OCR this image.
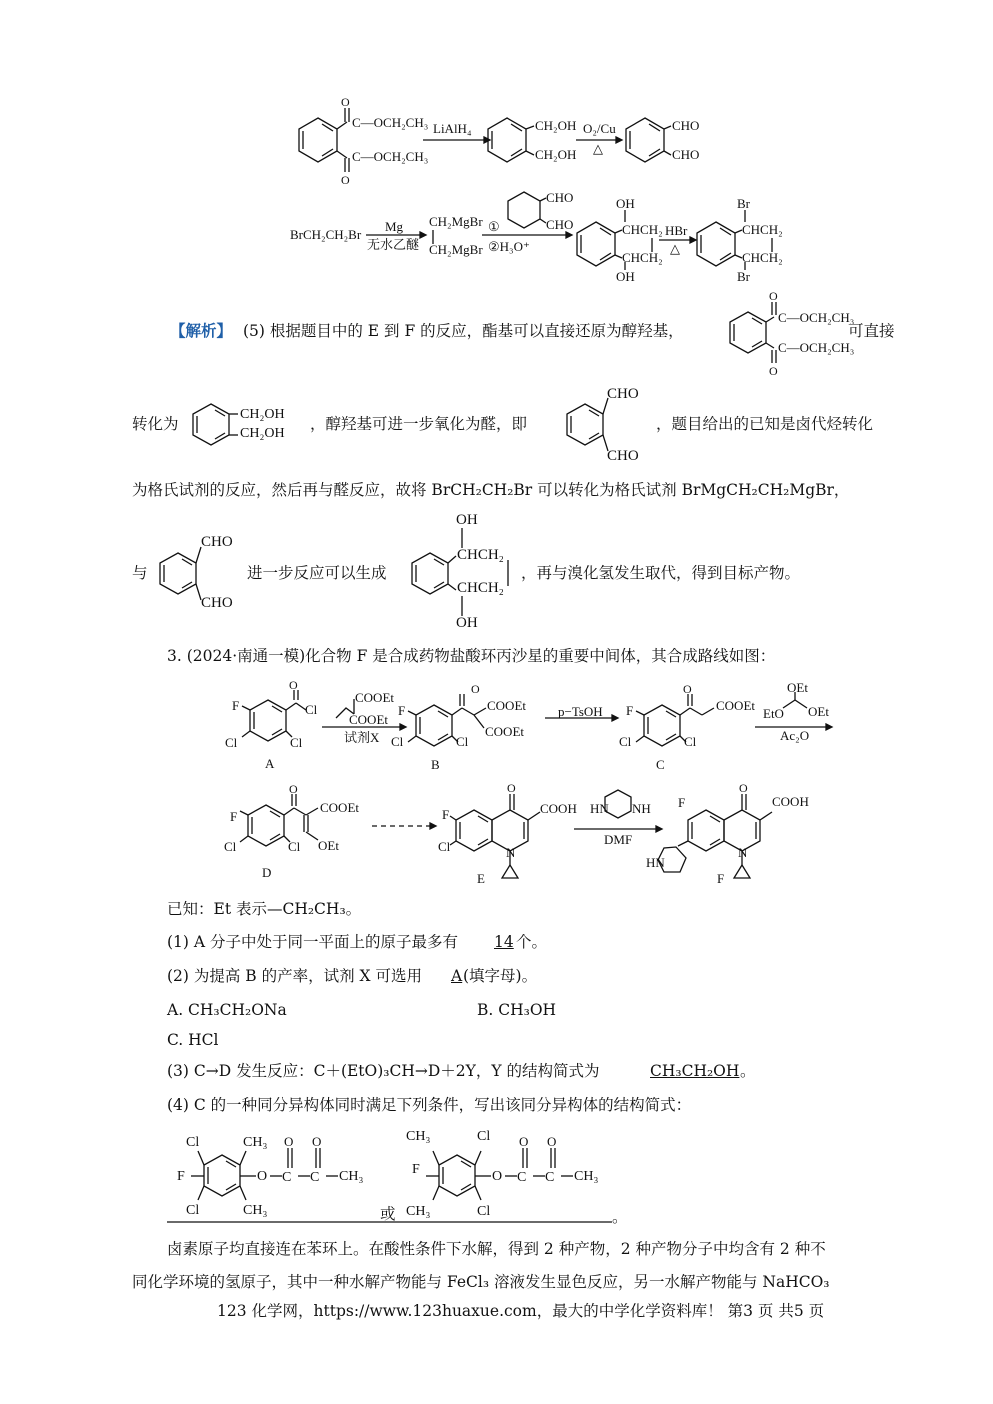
O
O
C—OCH₂CH₃
C—OCH₂CH₃
LiAlH₄	CH₂OH
CH₂OH
O₂/Cu
△
CHO
CHO
BrCH₂CH₂Br
Mg
无水乙醚
CH₂MgBr
CH₂MgBr
①
②H₃O⁺
CHO
CHO
OH
CHCH₂
CHCH₂
OH
HBr
△
Br
CHCH₂
CHCH₂
Br
【解析】 (5) 根据题目中的 E 到 F 的反应，酯基可以直接还原为醇羟基，
O
O
C—OCH₂CH₃
C—OCH₂CH₃
可直接
转化为
CH₂OH
CH₂OH
，醇羟基可进一步氧化为醛，即
CHO
CHO
，题目给出的已知是卤代烃转化
为格氏试剂的反应，然后再与醛反应，故将 BrCH₂CH₂Br 可以转化为格氏试剂 BrMgCH₂CH₂MgBr，
与
CHO
CHO
进一步反应可以生成
OH
CHCH₂
CHCH₂
OH
，再与溴化氢发生取代，得到目标产物。
3. (2024·南通一模)化合物 F 是合成药物盐酸环丙沙星的重要中间体，其合成路线如图：
O	O	O
F	Cl
Cl	Cl
A
COOEt
COOEt
试剂X
F	COOEt
COOEt
Cl	Cl
B
p−TsOH F	COOEt
Cl	Cl
C
OEt
EtO OEt
Ac₂O
O	O	O
F
COOEt
OEt
Cl	Cl
D
F	COOH
Cl	N
E
HN NH
DMF
F	COOH
N
HN
F
已知：Et 表示—CH₂CH₃。
(1) A 分子中处于同一平面上的原子最多有 14 个。
(2) 为提高 B 的产率，试剂 X 可选用 A (填字母)。
A. CH₃CH₂ONa	B. CH₃OH
C. HCl
(3) C→D 发生反应：C＋(EtO)₃CH→D＋2Y，Y 的结构简式为	CH₃CH₂OH 。
(4) C 的一种同分异构体同时满足下列条件，写出该同分异构体的结构简式：
O O	O O
C C	C C
Cl	CH₃
F	O	CH₃
Cl	CH₃	或
CH₃	Cl
F	O	CH₃
CH₃	Cl	。
卤素原子均直接连在苯环上。在酸性条件下水解，得到 2 种产物，2 种产物分子中均含有 2 种不
同化学环境的氢原子，其中一种水解产物能与 FeCl₃ 溶液发生显色反应，另一水解产物能与 NaHCO₃
123 化学网，https://www.123huaxue.com，最大的中学化学资料库！ 第3 页 共5 页
